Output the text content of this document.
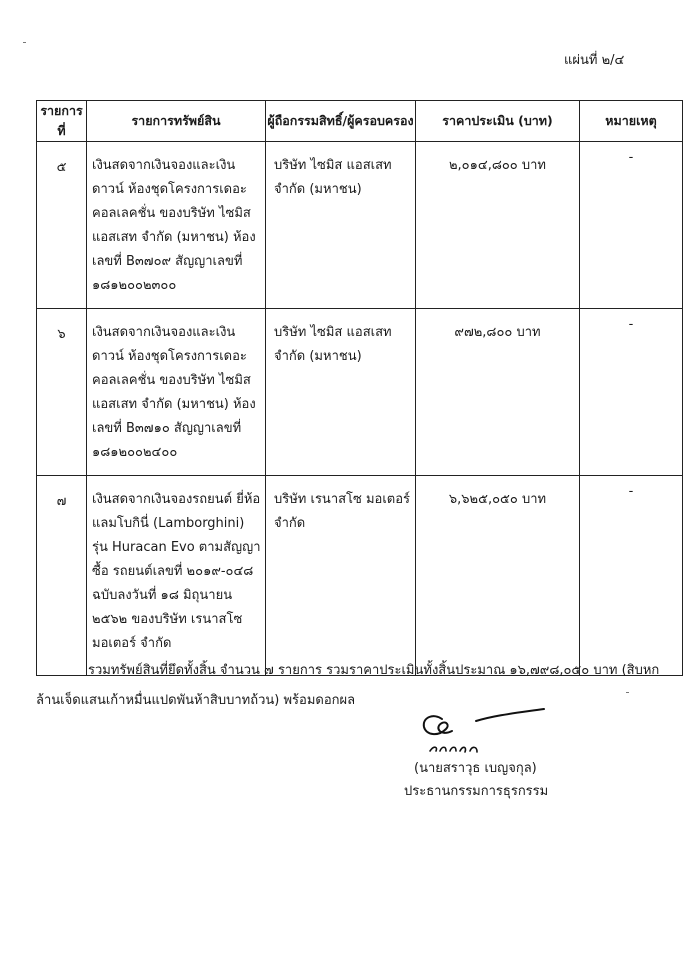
แผ่นที่ ๒/๔
รายการที่	รายการทรัพย์สิน	ผู้ถือกรรมสิทธิ์/ผู้ครอบครอง	ราคาประเมิน (บาท)	หมายเหตุ
๕	เงินสดจากเงินจองและเงินดาวน์ ห้องชุดโครงการเดอะ คอลเลคชั่น ของบริษัท ไซมิส แอสเสท จำกัด (มหาชน) ห้องเลขที่ B๓๗๐๙ สัญญาเลขที่ ๑๘๑๒๐๐๒๓๐๐	บริษัท ไซมิส แอสเสท จำกัด (มหาชน)	๒,๐๑๔,๘๐๐ บาท	-
๖	เงินสดจากเงินจองและเงินดาวน์ ห้องชุดโครงการเดอะ คอลเลคชั่น ของบริษัท ไซมิส แอสเสท จำกัด (มหาชน) ห้องเลขที่ B๓๗๑๐ สัญญาเลขที่ ๑๘๑๒๐๐๒๔๐๐	บริษัท ไซมิส แอสเสท จำกัด (มหาชน)	๙๗๒,๘๐๐ บาท	-
๗	เงินสดจากเงินจองรถยนต์ ยี่ห้อ แลมโบกินี่ (Lamborghini) รุ่น Huracan Evo ตามสัญญาซื้อ รถยนต์เลขที่ ๒๐๑๙-๐๔๘ ฉบับลงวันที่ ๑๘ มิถุนายน ๒๕๖๒ ของบริษัท เรนาสโซ มอเตอร์ จำกัด	บริษัท เรนาสโซ มอเตอร์ จำกัด	๖,๖๒๕,๐๕๐ บาท	-
รวมทรัพย์สินที่ยึดทั้งสิ้น จำนวน ๗ รายการ รวมราคาประเมินทั้งสิ้นประมาณ ๑๖,๗๙๘,๐๕๐ บาท (สิบหกล้านเจ็ดแสนเก้าหมื่นแปดพันห้าสิบบาทถ้วน) พร้อมดอกผล
(นายสราวุธ เบญจกุล)
ประธานกรรมการธุรกรรม
